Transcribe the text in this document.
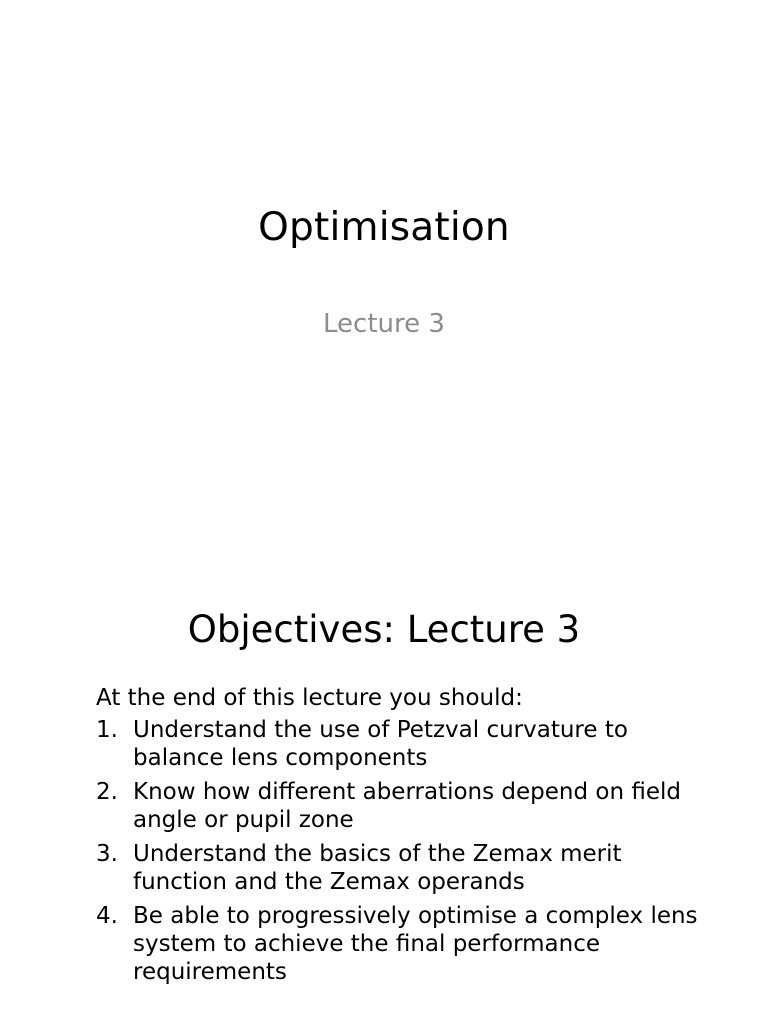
Optimisation

Lecture 3

Objectives: Lecture 3

At the end of this lecture you should:

1. Understand the use of Petzval curvature to balance lens components
2. Know how different aberrations depend on field angle or pupil zone
3. Understand the basics of the Zemax merit function and the Zemax operands
4. Be able to progressively optimise a complex lens system to achieve the final performance requirements
